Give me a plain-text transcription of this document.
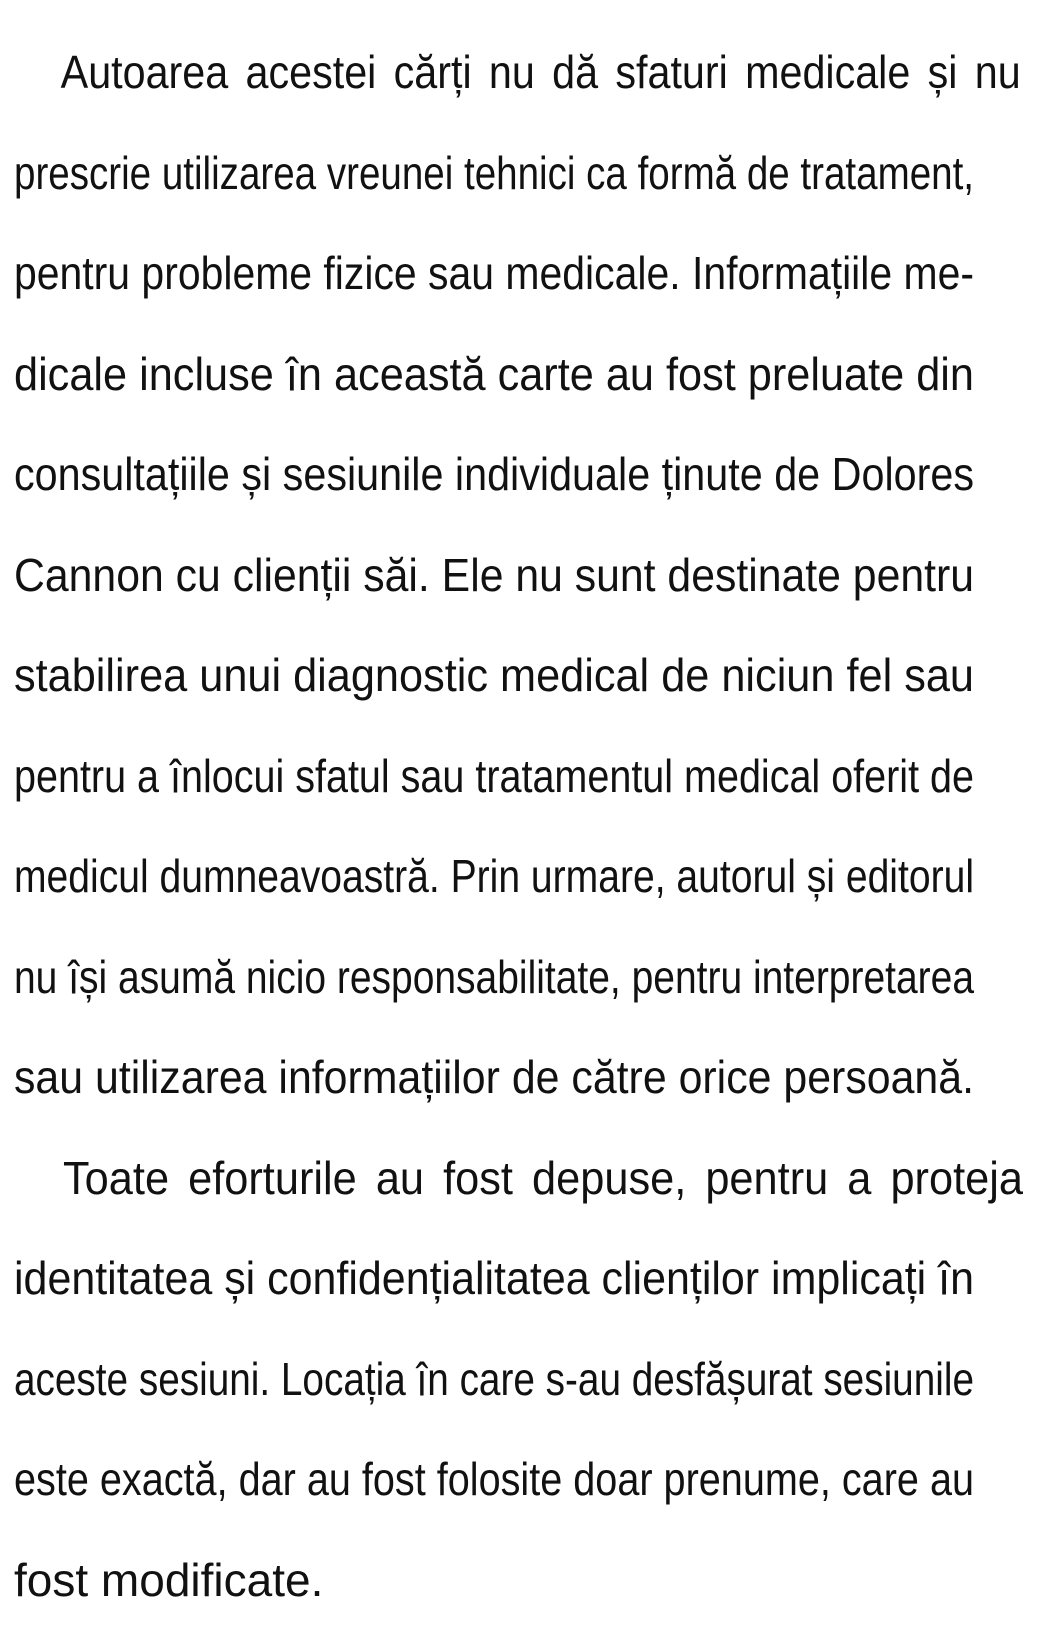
Autoarea acestei cărți nu dă sfaturi medicale și nu
prescrie utilizarea vreunei tehnici ca formă de tratament,
pentru probleme fizice sau medicale. Informațiile me-
dicale incluse în această carte au fost preluate din
consultațiile și sesiunile individuale ținute de Dolores
Cannon cu clienții săi. Ele nu sunt destinate pentru
stabilirea unui diagnostic medical de niciun fel sau
pentru a înlocui sfatul sau tratamentul medical oferit de
medicul dumneavoastră. Prin urmare, autorul și editorul
nu își asumă nicio responsabilitate, pentru interpretarea
sau utilizarea informațiilor de către orice persoană.
Toate eforturile au fost depuse, pentru a proteja
identitatea și confidențialitatea clienților implicați în
aceste sesiuni. Locația în care s-au desfășurat sesiunile
este exactă, dar au fost folosite doar prenume, care au
fost modificate.
